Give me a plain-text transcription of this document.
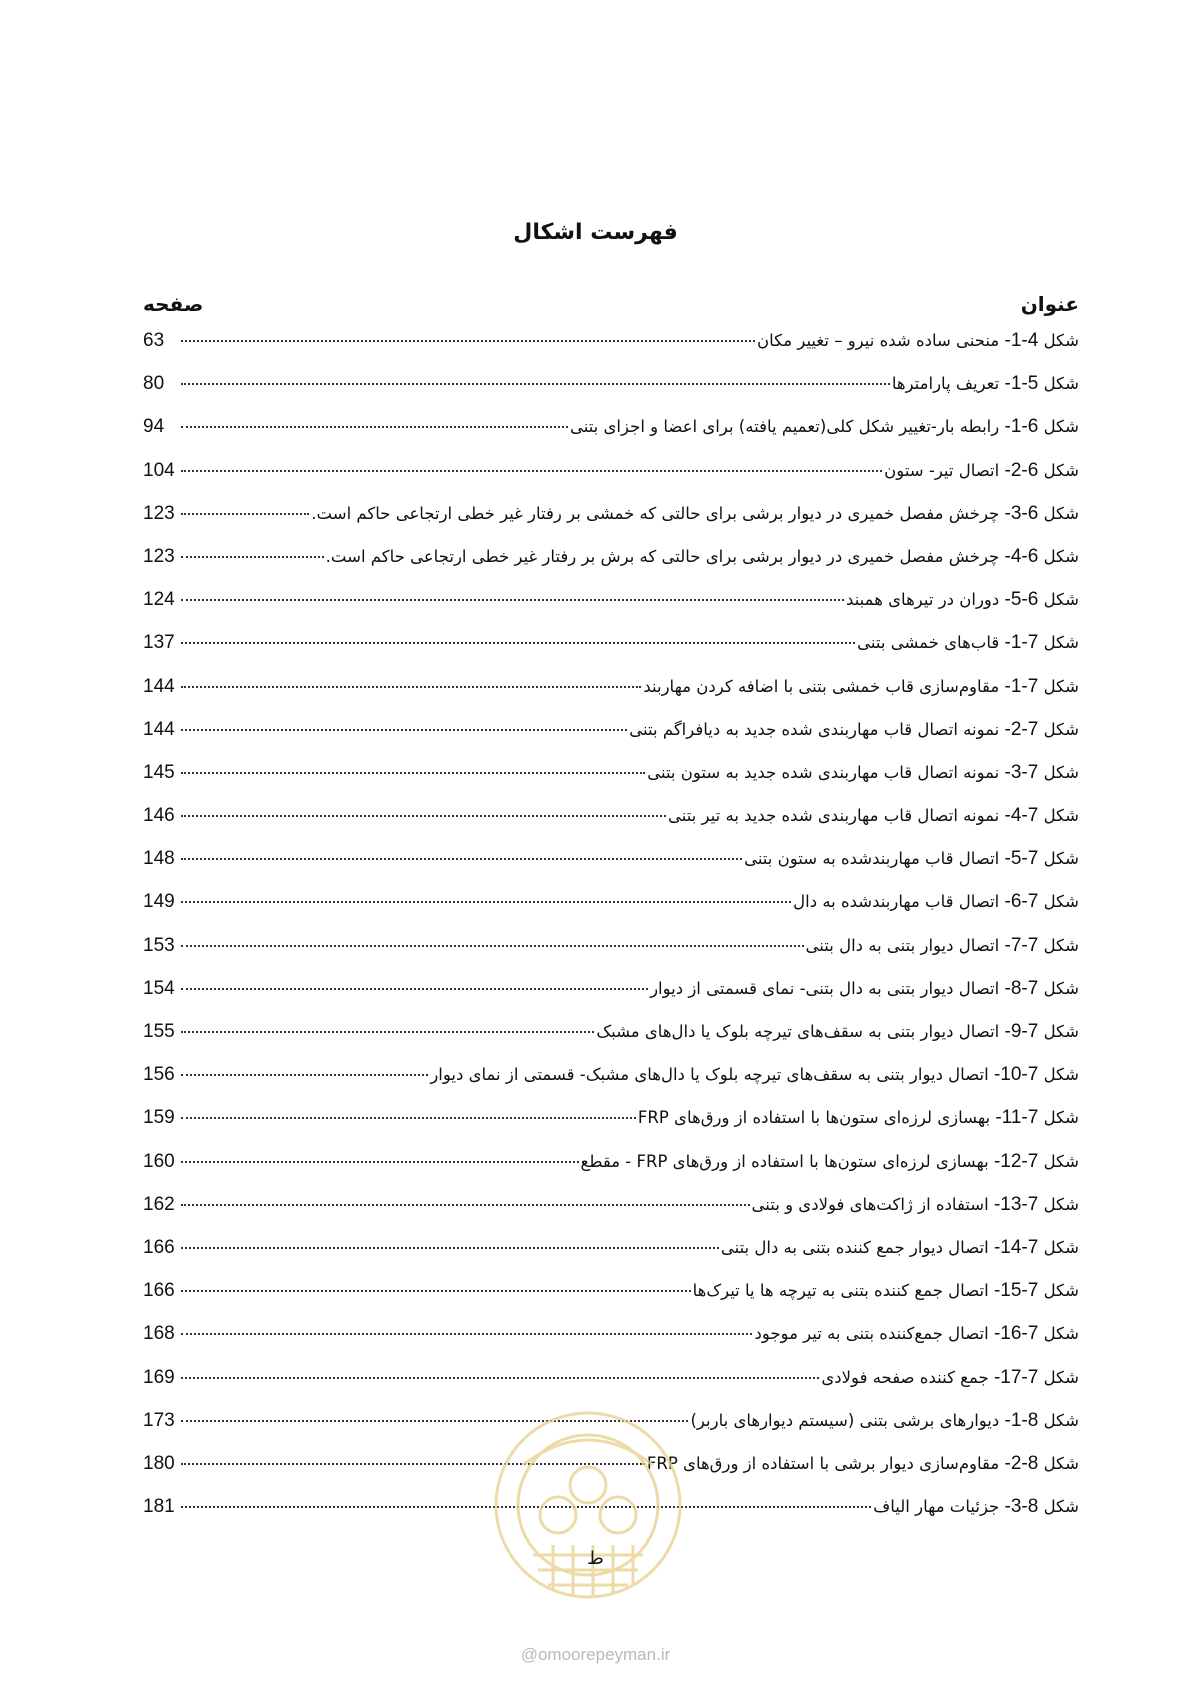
فهرست اشکال
عنوان
صفحه
شکل 4-1- منحنی ساده شده نیرو – تغییر مکان
63
شکل 5-1- تعریف پارامترها
80
شکل 6-1- رابطه بار-تغییر شکل کلی(تعمیم یافته) برای اعضا و اجزای بتنی
94
شکل 6-2- اتصال تیر- ستون
104
شکل 6-3- چرخش مفصل خمیری در دیوار برشی برای حالتی که خمشی بر رفتار غیر خطی ارتجاعی حاکم است.
123
شکل 6-4- چرخش مفصل خمیری در دیوار برشی برای حالتی که برش بر رفتار غیر خطی ارتجاعی حاکم است.
123
شکل 6-5- دوران در تیرهای همبند
124
شکل 7-1- قاب‌های خمشی بتنی
137
شکل 7-1- مقاوم‌سازی قاب خمشی بتنی با اضافه کردن مهاربند
144
شکل 7-2- نمونه اتصال قاب مهاربندی شده جدید به دیافراگم بتنی
144
شکل 7-3- نمونه اتصال قاب مهاربندی شده جدید به ستون بتنی
145
شکل 7-4- نمونه اتصال قاب مهاربندی شده جدید به تیر بتنی
146
شکل 7-5- اتصال قاب مهاربندشده به ستون بتنی
148
شکل 7-6- اتصال قاب مهاربندشده به دال
149
شکل 7-7- اتصال دیوار بتنی به دال بتنی
153
شکل 7-8- اتصال دیوار بتنی به دال بتنی- نمای قسمتی از دیوار
154
شکل 7-9- اتصال دیوار بتنی به سقف‌های تیرچه بلوک یا دال‌های مشبک
155
شکل 7-10- اتصال دیوار بتنی به سقف‌های تیرچه بلوک یا دال‌های مشبک- قسمتی از نمای دیوار
156
شکل 7-11- بهسازی لرزه‌ای ستون‌ها با استفاده از ورق‌های FRP
159
شکل 7-12- بهسازی لرزه‌ای ستون‌ها با استفاده از ورق‌های FRP - مقطع
160
شکل 7-13- استفاده از ژاکت‌های فولادی و بتنی
162
شکل 7-14- اتصال دیوار جمع کننده بتنی به دال بتنی
166
شکل 7-15- اتصال جمع کننده بتنی به تیرچه ها یا تیرک‌ها
166
شکل 7-16- اتصال جمع‌کننده بتنی به تیر موجود
168
شکل 7-17- جمع کننده صفحه فولادی
169
شکل 8-1- دیوارهای برشی بتنی (سیستم دیوارهای باربر)
173
شکل 8-2- مقاوم‌سازی دیوار برشی با استفاده از ورق‌های FRP
180
شکل 8-3- جزئیات مهار الیاف
181
ط
@omoorepeyman.ir
